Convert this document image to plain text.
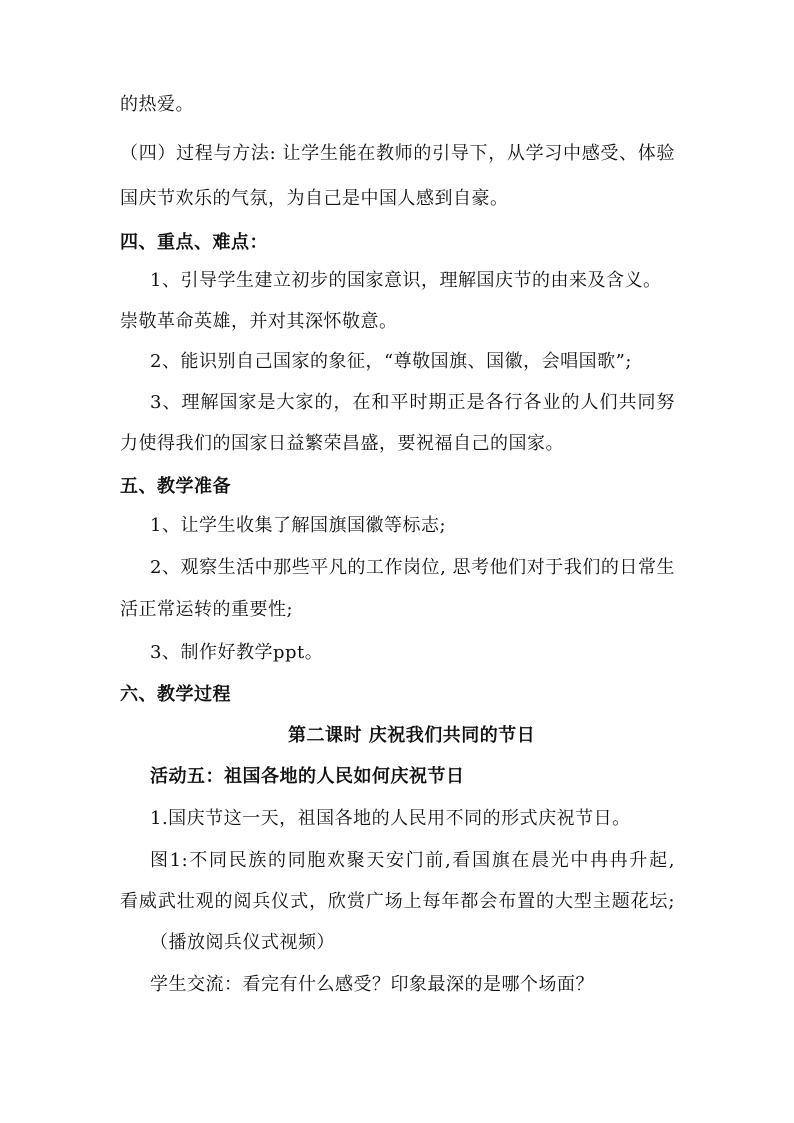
的热爱。
（四）过程与方法: 让学生能在教师的引导下，从学习中感受、体验
国庆节欢乐的气氛，为自己是中国人感到自豪。
四、重点、难点：
1、引导学生建立初步的国家意识，理解国庆节的由来及含义。
崇敬革命英雄，并对其深怀敬意。
2、能识别自己国家的象征，“尊敬国旗、国徽，会唱国歌”;
3、理解国家是大家的，在和平时期正是各行各业的人们共同努
力使得我们的国家日益繁荣昌盛，要祝福自己的国家。
五、教学准备
1、让学生收集了解国旗国徽等标志;
2、观察生活中那些平凡的工作岗位, 思考他们对于我们的日常生
活正常运转的重要性;
3、制作好教学ppt。
六、教学过程
第二课时 庆祝我们共同的节日
活动五：祖国各地的人民如何庆祝节日
1.国庆节这一天，祖国各地的人民用不同的形式庆祝节日。
图1:不同民族的同胞欢聚天安门前,看国旗在晨光中冉冉升起,
看威武壮观的阅兵仪式，欣赏广场上每年都会布置的大型主题花坛;
（播放阅兵仪式视频）
学生交流：看完有什么感受？印象最深的是哪个场面？
